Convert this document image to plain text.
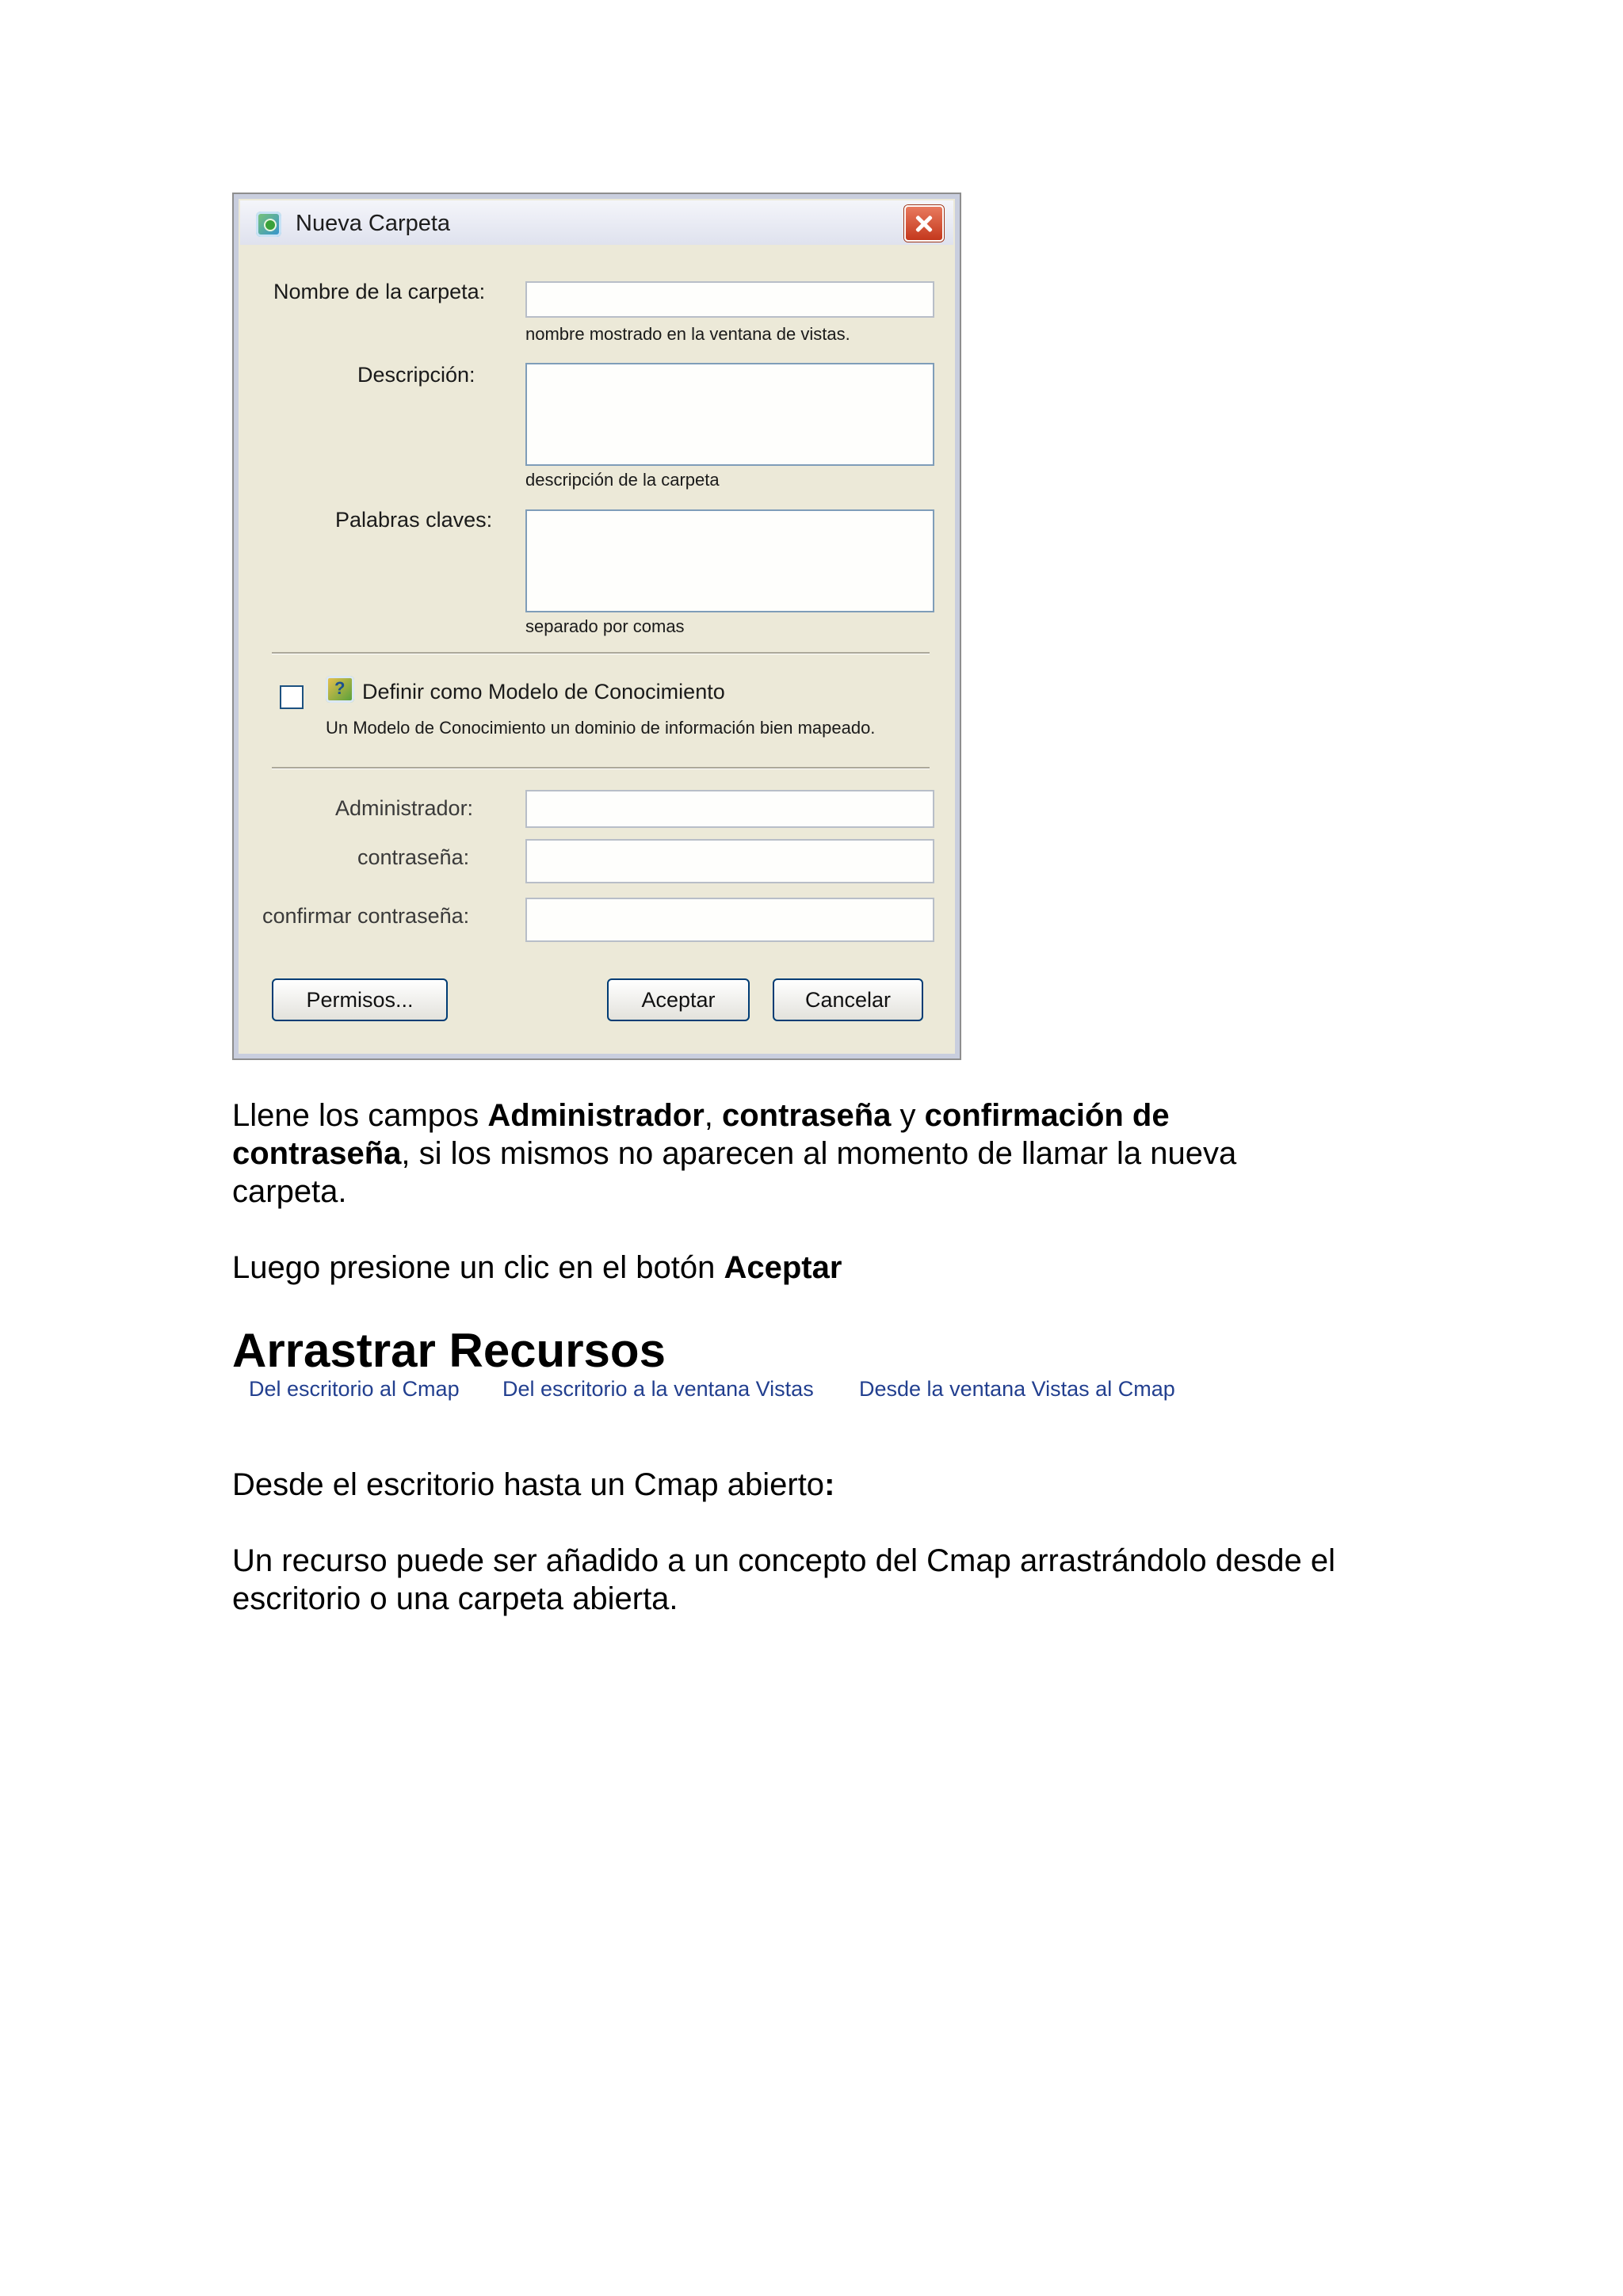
Nueva Carpeta
Nombre de la carpeta:
nombre mostrado en la ventana de vistas.
Descripción:
descripción de la carpeta
Palabras claves:
separado por comas
?
Definir como Modelo de Conocimiento
Un Modelo de Conocimiento un dominio de información bien mapeado.
Administrador:
contraseña:
confirmar contraseña:
Permisos...	Aceptar	Cancelar
Llene los campos Administrador, contraseña y confirmación de
contraseña, si los mismos no aparecen al momento de llamar la nueva
carpeta.
Luego presione un clic en el botón Aceptar
Arrastrar Recursos
Del escritorio al Cmap Del escritorio a la ventana Vistas Desde la ventana Vistas al Cmap
Desde el escritorio hasta un Cmap abierto:
Un recurso puede ser añadido a un concepto del Cmap arrastrándolo desde el
escritorio o una carpeta abierta.
